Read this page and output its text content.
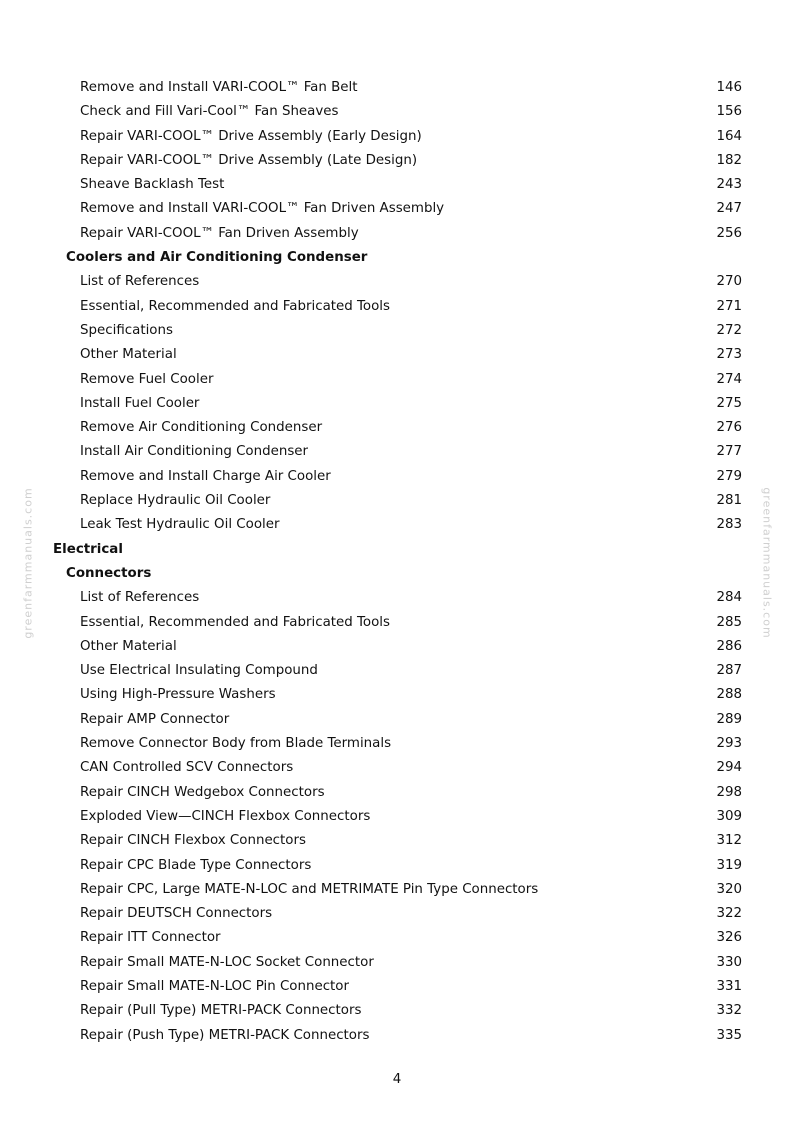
greenfarmmanuals.com	greenfarmmanuals.com
Remove and Install VARI-COOL™ Fan Belt	146
Check and Fill Vari-Cool™ Fan Sheaves	156
Repair VARI-COOL™ Drive Assembly (Early Design)	164
Repair VARI-COOL™ Drive Assembly (Late Design)	182
Sheave Backlash Test	243
Remove and Install VARI-COOL™ Fan Driven Assembly	247
Repair VARI-COOL™ Fan Driven Assembly	256
Coolers and Air Conditioning Condenser
List of References	270
Essential, Recommended and Fabricated Tools	271
Specifications	272
Other Material	273
Remove Fuel Cooler	274
Install Fuel Cooler	275
Remove Air Conditioning Condenser	276
Install Air Conditioning Condenser	277
Remove and Install Charge Air Cooler	279
Replace Hydraulic Oil Cooler	281
Leak Test Hydraulic Oil Cooler	283
Electrical
Connectors
List of References	284
Essential, Recommended and Fabricated Tools	285
Other Material	286
Use Electrical Insulating Compound	287
Using High-Pressure Washers	288
Repair AMP Connector	289
Remove Connector Body from Blade Terminals	293
CAN Controlled SCV Connectors	294
Repair CINCH Wedgebox Connectors	298
Exploded View—CINCH Flexbox Connectors	309
Repair CINCH Flexbox Connectors	312
Repair CPC Blade Type Connectors	319
Repair CPC, Large MATE-N-LOC and METRIMATE Pin Type Connectors	320
Repair DEUTSCH Connectors	322
Repair ITT Connector	326
Repair Small MATE-N-LOC Socket Connector	330
Repair Small MATE-N-LOC Pin Connector	331
Repair (Pull Type) METRI-PACK Connectors	332
Repair (Push Type) METRI-PACK Connectors	335
4
